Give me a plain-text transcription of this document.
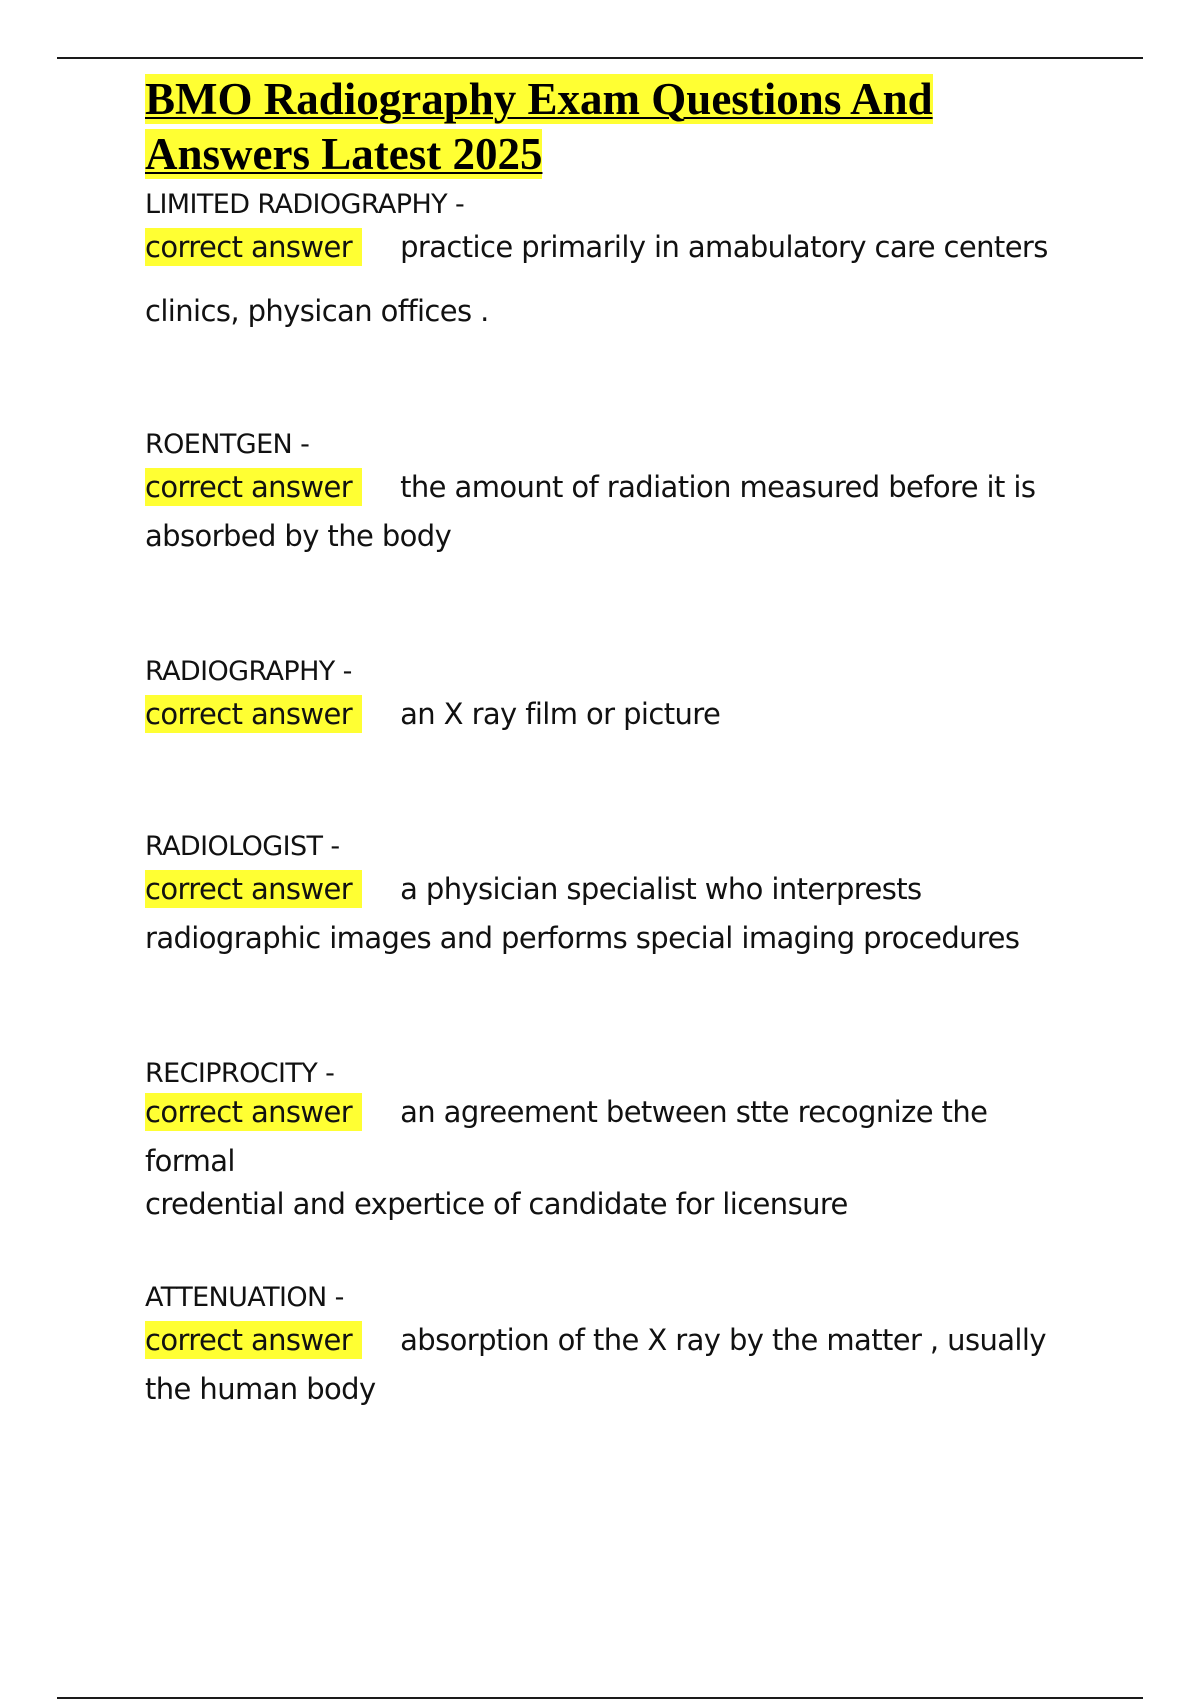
BMO Radiography Exam Questions And
Answers Latest 2025
LIMITED RADIOGRAPHY -
correct answer practice primarily in amabulatory care centers
clinics, physican offices .
ROENTGEN -
correct answer the amount of radiation measured before it is
absorbed by the body
RADIOGRAPHY -
correct answer an X ray film or picture
RADIOLOGIST -
correct answer a physician specialist who interprests
radiographic images and performs special imaging procedures
RECIPROCITY -
correct answer an agreement between stte recognize the formal
credential and expertice of candidate for licensure
ATTENUATION -
correct answer absorption of the X ray by the matter , usually
the human body
